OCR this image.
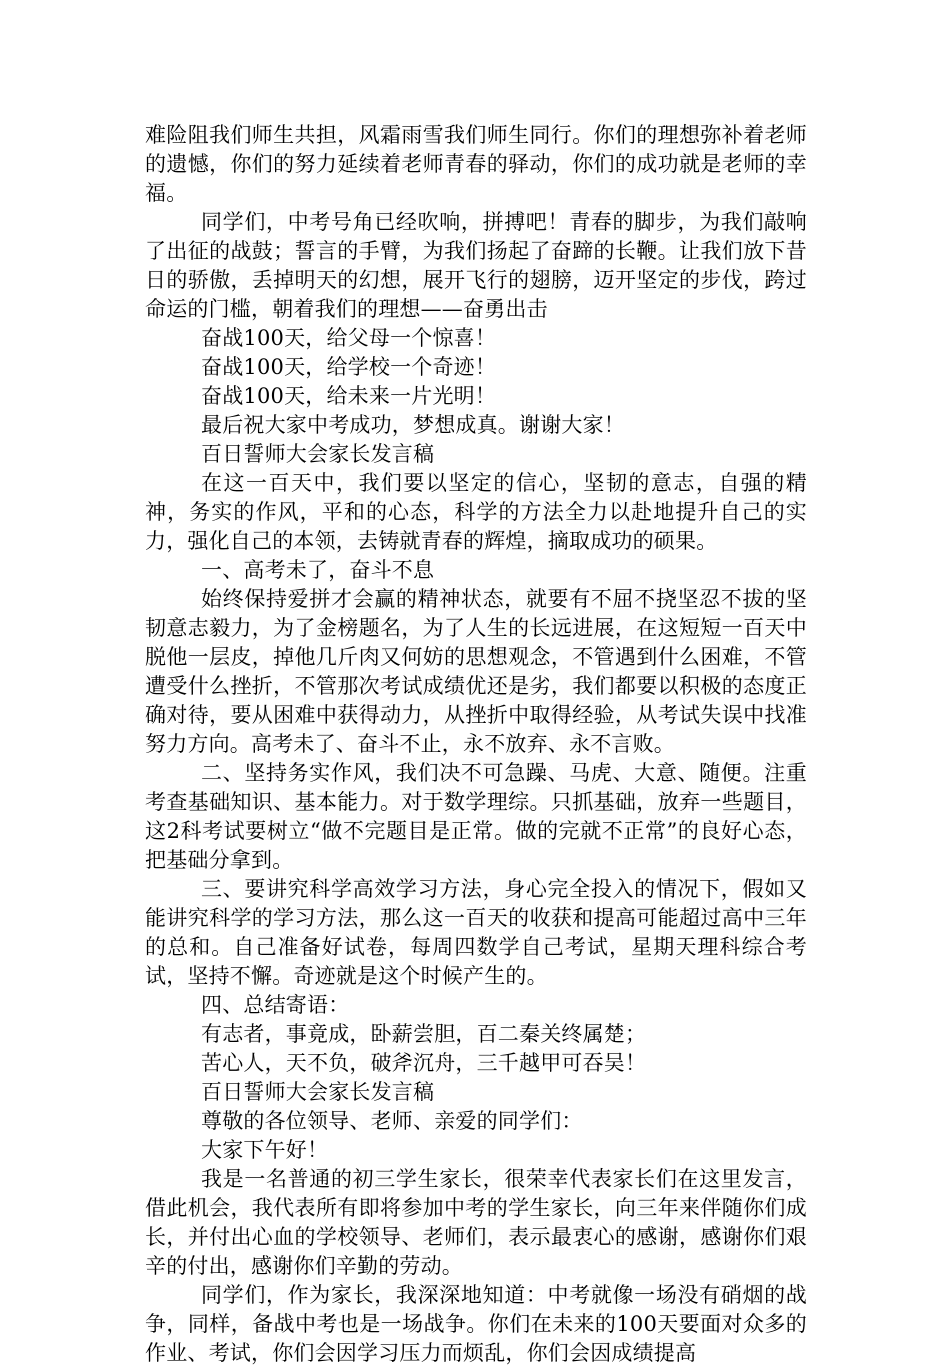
难险阻我们师生共担，风霜雨雪我们师生同行。你们的理想弥补着老师的遗憾，你们的努力延续着老师青春的驿动，你们的成功就是老师的幸福。

同学们，中考号角已经吹响，拼搏吧！青春的脚步，为我们敲响了出征的战鼓；誓言的手臂，为我们扬起了奋蹄的长鞭。让我们放下昔日的骄傲，丢掉明天的幻想，展开飞行的翅膀，迈开坚定的步伐，跨过命运的门槛，朝着我们的理想——奋勇出击

奋战100天，给父母一个惊喜！

奋战100天，给学校一个奇迹！

奋战100天，给未来一片光明！

最后祝大家中考成功，梦想成真。谢谢大家！

百日誓师大会家长发言稿

在这一百天中，我们要以坚定的信心，坚韧的意志，自强的精神，务实的作风，平和的心态，科学的方法全力以赴地提升自己的实力，强化自己的本领，去铸就青春的辉煌，摘取成功的硕果。

一、高考未了，奋斗不息

始终保持爱拼才会赢的精神状态，就要有不屈不挠坚忍不拔的坚韧意志毅力，为了金榜题名，为了人生的长远进展，在这短短一百天中脱他一层皮，掉他几斤肉又何妨的思想观念，不管遇到什么困难，不管遭受什么挫折，不管那次考试成绩优还是劣，我们都要以积极的态度正确对待，要从困难中获得动力，从挫折中取得经验，从考试失误中找准努力方向。高考未了、奋斗不止，永不放弃、永不言败。

二、坚持务实作风，我们决不可急躁、马虎、大意、随便。注重考查基础知识、基本能力。对于数学理综。只抓基础，放弃一些题目，这2科考试要树立“做不完题目是正常。做的完就不正常”的良好心态，把基础分拿到。

三、要讲究科学高效学习方法，身心完全投入的情况下，假如又能讲究科学的学习方法，那么这一百天的收获和提高可能超过高中三年的总和。自己准备好试卷，每周四数学自己考试，星期天理科综合考试，坚持不懈。奇迹就是这个时候产生的。

四、总结寄语：

有志者，事竟成，卧薪尝胆，百二秦关终属楚；

苦心人，天不负，破斧沉舟，三千越甲可吞吴！

百日誓师大会家长发言稿

尊敬的各位领导、老师、亲爱的同学们：

大家下午好！

我是一名普通的初三学生家长，很荣幸代表家长们在这里发言，借此机会，我代表所有即将参加中考的学生家长，向三年来伴随你们成长，并付出心血的学校领导、老师们，表示最衷心的感谢，感谢你们艰辛的付出，感谢你们辛勤的劳动。

同学们，作为家长，我深深地知道：中考就像一场没有硝烟的战争，同样，备战中考也是一场战争。你们在未来的100天要面对众多的作业、考试，你们会因学习压力而烦乱，你们会因成绩提高
